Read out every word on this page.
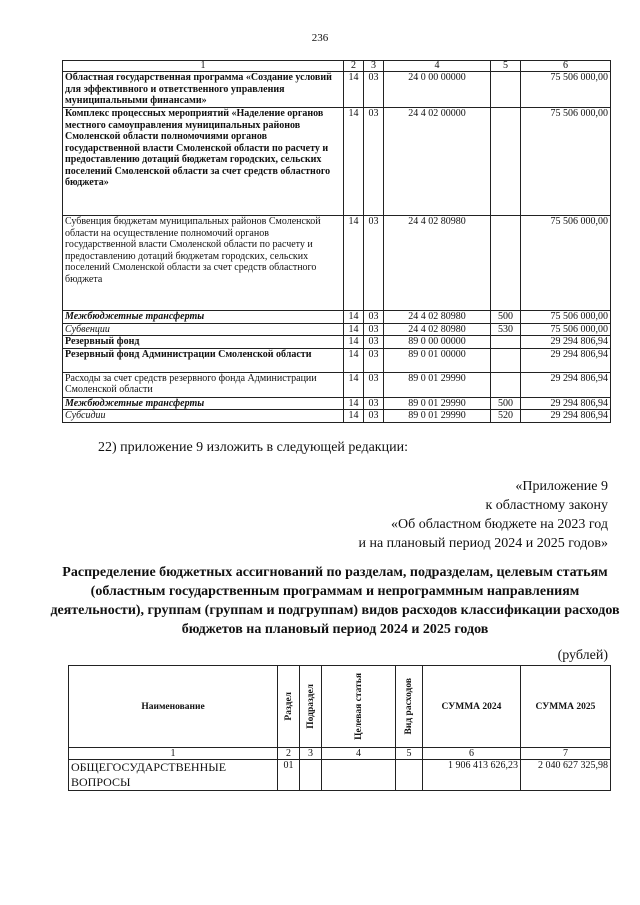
236
1	2	3	4	5	6
Областная государственная программа «Создание условий для эффективного и ответственного управления муниципальными финансами»	14	03	24 0 00 00000		75 506 000,00
Комплекс процессных мероприятий «Наделение органов местного самоуправления муниципальных районов Смоленской области полномочиями органов государственной власти Смоленской области по расчету и предоставлению дотаций бюджетам городских, сельских поселений Смоленской области за счет средств областного бюджета»	14	03	24 4 02 00000		75 506 000,00
Субвенция бюджетам муниципальных районов Смоленской области на осуществление полномочий органов государственной власти Смоленской области по расчету и предоставлению дотаций бюджетам городских, сельских поселений Смоленской области за счет средств областного бюджета	14	03	24 4 02 80980		75 506 000,00
Межбюджетные трансферты	14	03	24 4 02 80980	500	75 506 000,00
Субвенции	14	03	24 4 02 80980	530	75 506 000,00
Резервный фонд	14	03	89 0 00 00000		29 294 806,94
Резервный фонд Администрации Смоленской области	14	03	89 0 01 00000		29 294 806,94
Расходы за счет средств резервного фонда Администрации Смоленской области	14	03	89 0 01 29990		29 294 806,94
Межбюджетные трансферты	14	03	89 0 01 29990	500	29 294 806,94
Субсидии	14	03	89 0 01 29990	520	29 294 806,94
22) приложение 9 изложить в следующей редакции:
«Приложение 9
к областному закону
«Об областном бюджете на 2023 год
и на плановый период 2024 и 2025 годов»
Распределение бюджетных ассигнований по разделам, подразделам, целевым статьям (областным государственным программам и непрограммным направлениям деятельности), группам (группам и подгруппам) видов расходов классификации расходов бюджетов на плановый период 2024 и 2025 годов
(рублей)
Наименование	Раздел	Подраздел	Целевая статья	Вид расходов	СУММА 2024	СУММА 2025
1	2	3	4	5	6	7
ОБЩЕГОСУДАРСТВЕННЫЕ ВОПРОСЫ	01				1 906 413 626,23	2 040 627 325,98
